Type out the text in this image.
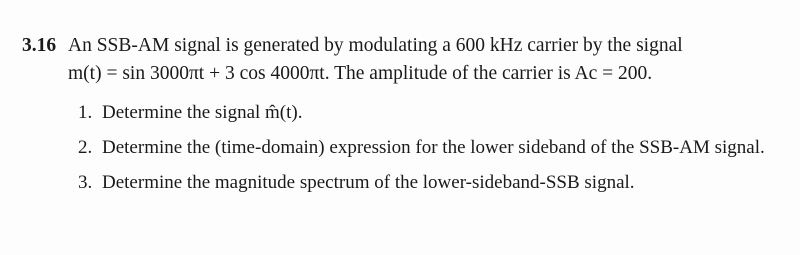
3.16 An SSB-AM signal is generated by modulating a 600 kHz carrier by the signal
m(t) = sin 3000πt + 3 cos 4000πt. The amplitude of the carrier is Ac = 200.
1. Determine the signal m̂(t).
2. Determine the (time-domain) expression for the lower sideband of the SSB-AM signal.
3. Determine the magnitude spectrum of the lower-sideband-SSB signal.
